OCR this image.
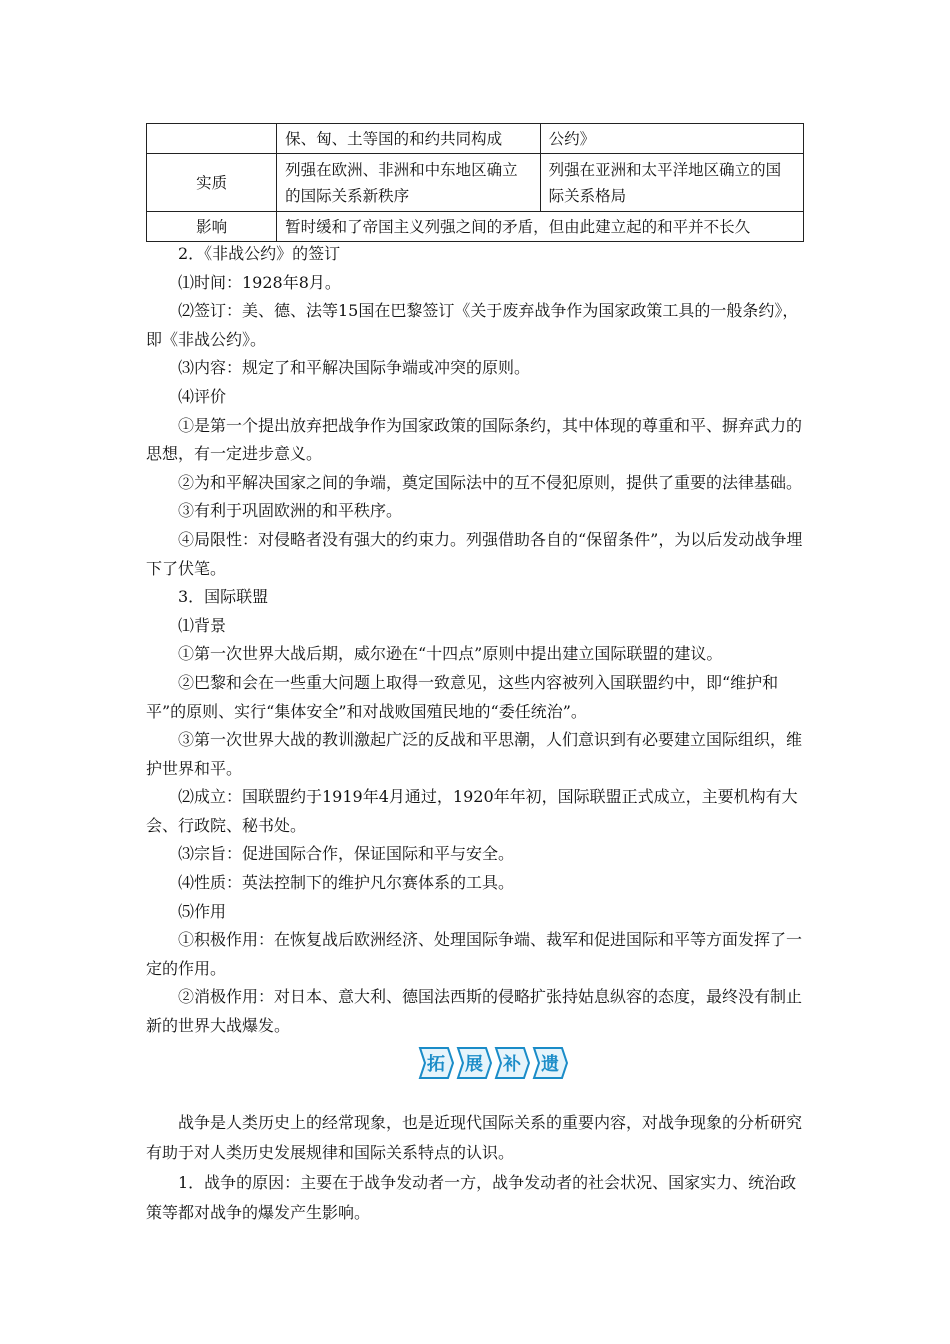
	保、匈、土等国的和约共同构成	公约》
实质	列强在欧洲、非洲和中东地区确立的国际关系新秩序	列强在亚洲和太平洋地区确立的国际关系格局
影响	暂时缓和了帝国主义列强之间的矛盾，但由此建立起的和平并不长久	

2．《非战公约》的签订

⑴时间：1928年8月。

⑵签订：美、德、法等15国在巴黎签订《关于废弃战争作为国家政策工具的一般条约》，即《非战公约》。

⑶内容：规定了和平解决国际争端或冲突的原则。

⑷评价

①是第一个提出放弃把战争作为国家政策的国际条约，其中体现的尊重和平、摒弃武力的思想，有一定进步意义。

②为和平解决国家之间的争端，奠定国际法中的互不侵犯原则，提供了重要的法律基础。

③有利于巩固欧洲的和平秩序。

④局限性：对侵略者没有强大的约束力。列强借助各自的“保留条件”，为以后发动战争埋下了伏笔。

3．国际联盟

⑴背景

①第一次世界大战后期，威尔逊在“十四点”原则中提出建立国际联盟的建议。

②巴黎和会在一些重大问题上取得一致意见，这些内容被列入国联盟约中，即“维护和平”的原则、实行“集体安全”和对战败国殖民地的“委任统治”。

③第一次世界大战的教训激起广泛的反战和平思潮，人们意识到有必要建立国际组织，维护世界和平。

⑵成立：国联盟约于1919年4月通过，1920年年初，国际联盟正式成立，主要机构有大会、行政院、秘书处。

⑶宗旨：促进国际合作，保证国际和平与安全。

⑷性质：英法控制下的维护凡尔赛体系的工具。

⑸作用

①积极作用：在恢复战后欧洲经济、处理国际争端、裁军和促进国际和平等方面发挥了一定的作用。

②消极作用：对日本、意大利、德国法西斯的侵略扩张持姑息纵容的态度，最终没有制止新的世界大战爆发。

拓	展	补	遗

战争是人类历史上的经常现象，也是近现代国际关系的重要内容，对战争现象的分析研究有助于对人类历史发展规律和国际关系特点的认识。

1．战争的原因：主要在于战争发动者一方，战争发动者的社会状况、国家实力、统治政策等都对战争的爆发产生影响。
